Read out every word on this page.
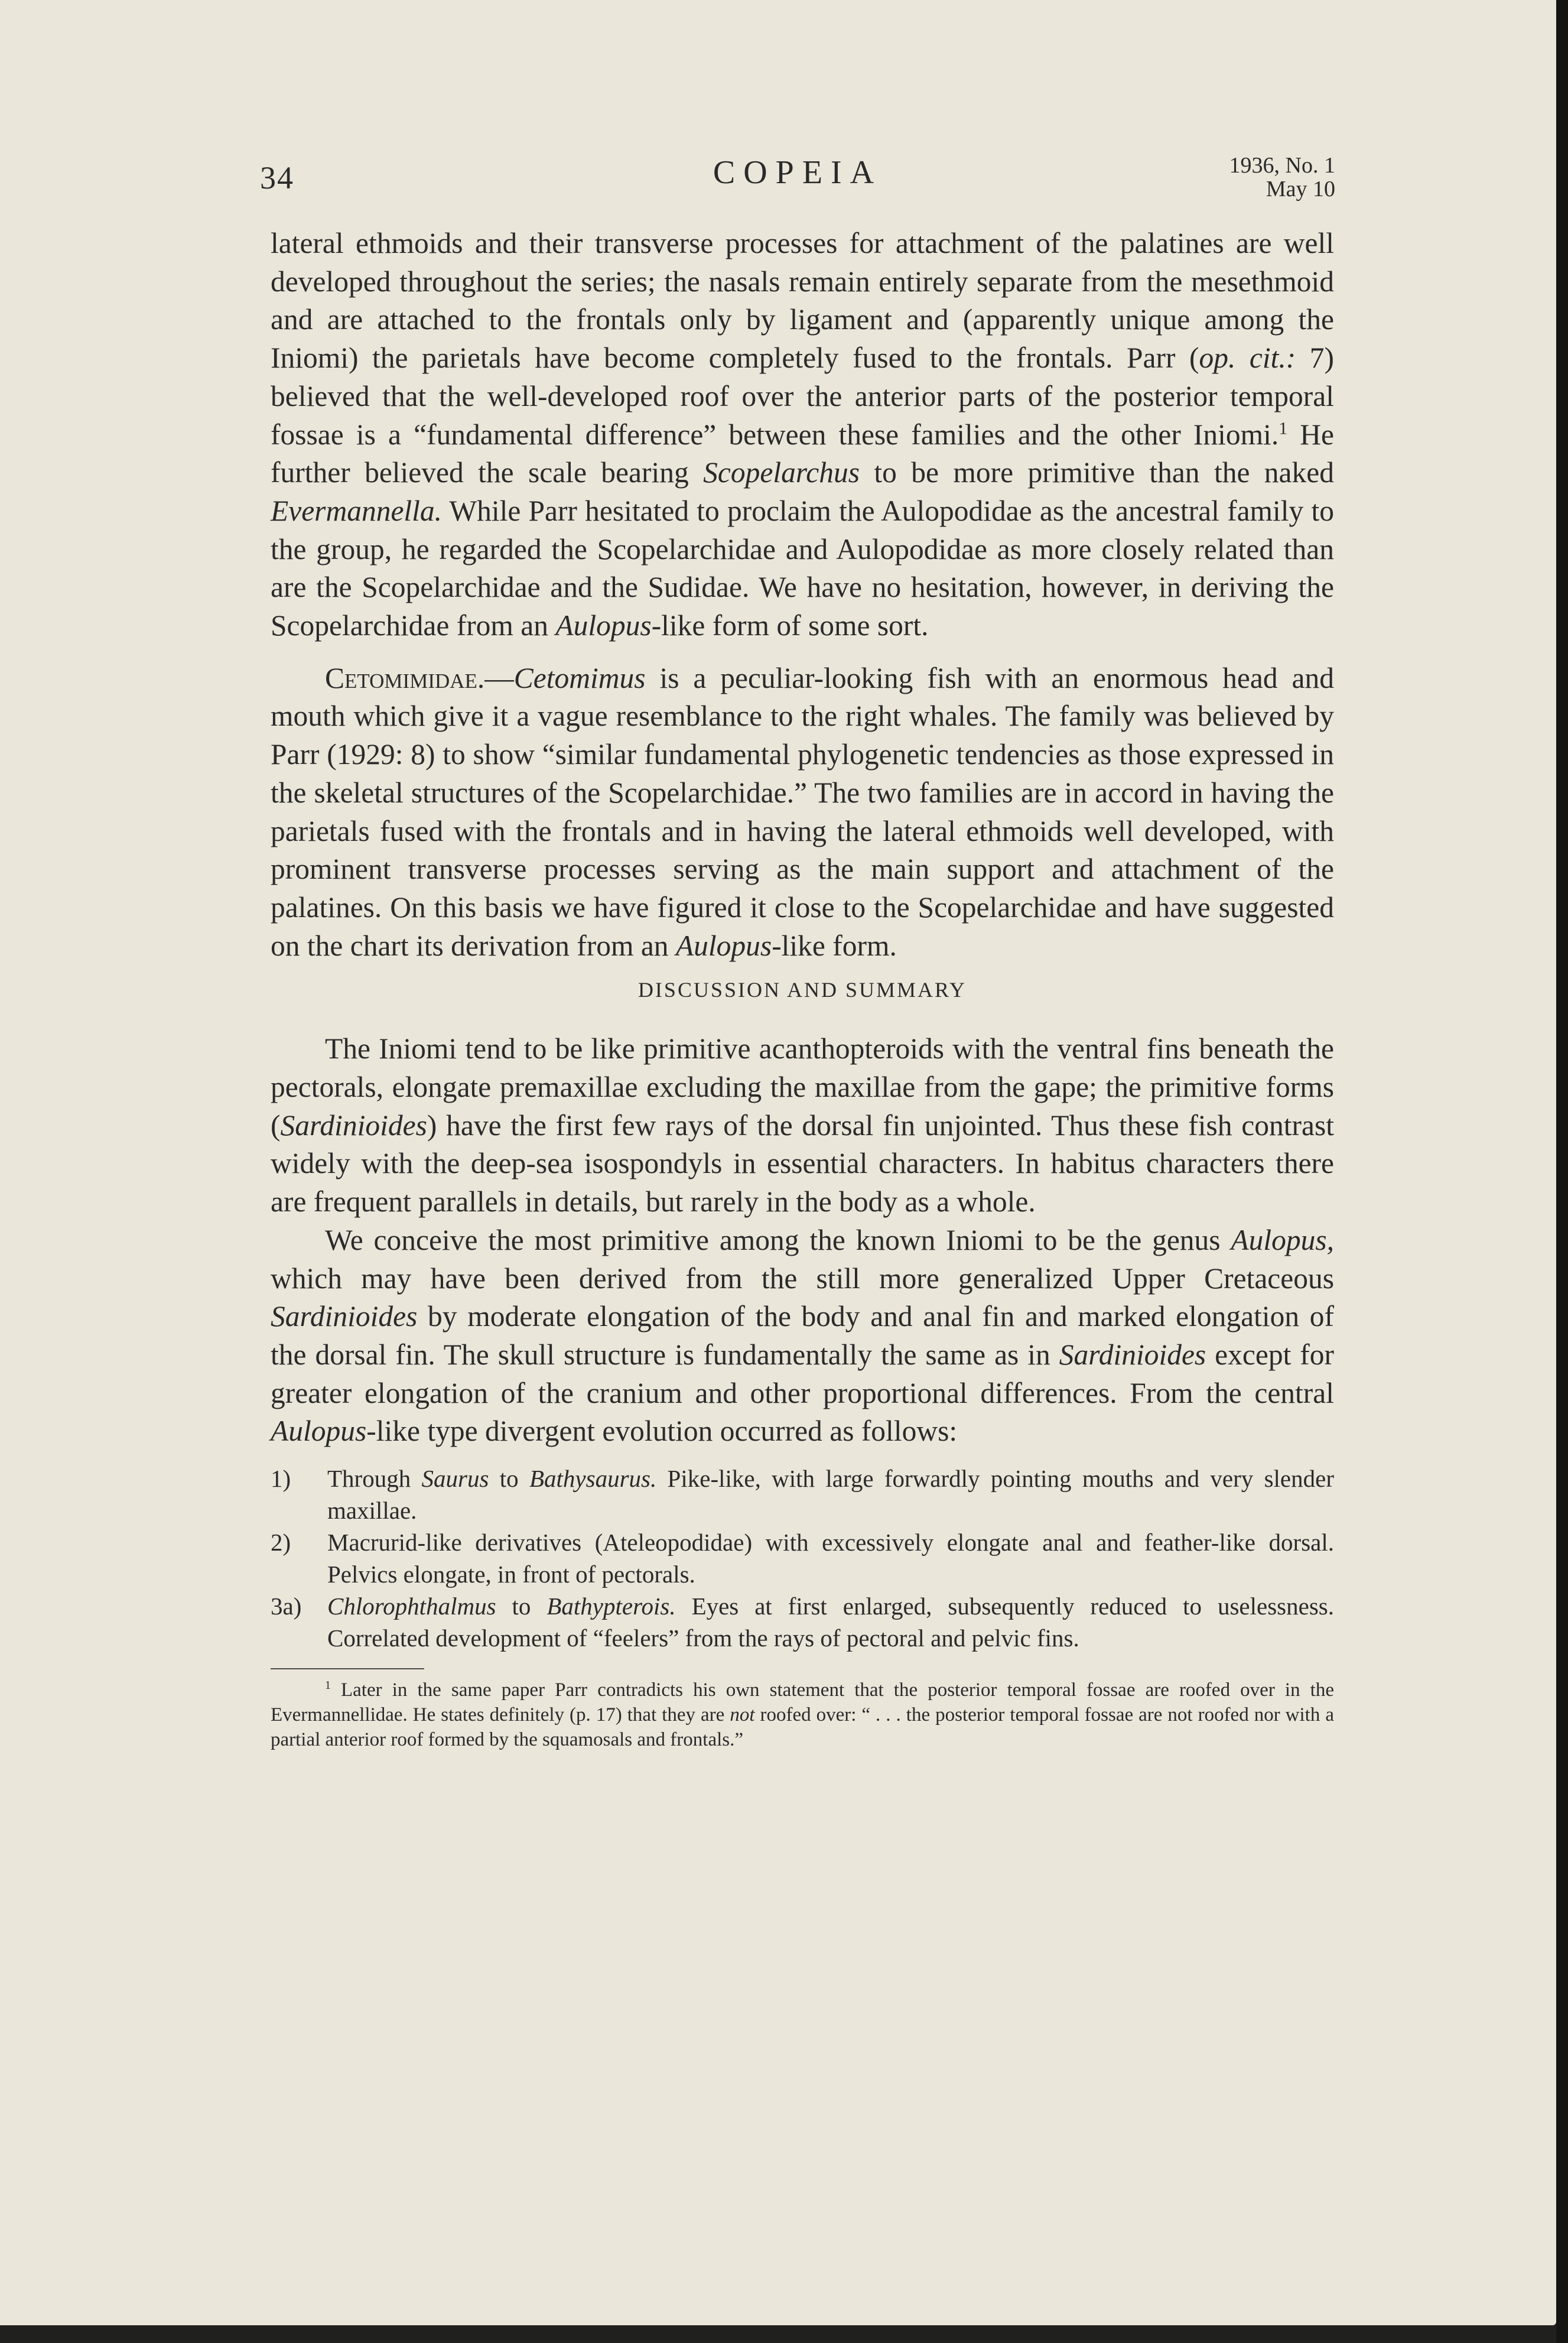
34	COPEIA	1936, No. 1
May 10

lateral ethmoids and their transverse processes for attachment of the palatines are well developed throughout the series; the nasals remain entirely separate from the mesethmoid and are attached to the frontals only by ligament and (apparently unique among the Iniomi) the parietals have become completely fused to the frontals. Parr (op. cit.: 7) believed that the well-developed roof over the anterior parts of the posterior temporal fossae is a “fundamental difference” between these families and the other Iniomi.$^1$ He further believed the scale bearing Scopelarchus to be more primitive than the naked Evermannella. While Parr hesitated to proclaim the Aulopodidae as the ancestral family to the group, he regarded the Scopelarchidae and Aulopodidae as more closely related than are the Scopelarchidae and the Sudidae. We have no hesitation, however, in deriving the Scopelarchidae from an Aulopus-like form of some sort.

Cetomimidae.—Cetomimus is a peculiar-looking fish with an enormous head and mouth which give it a vague resemblance to the right whales. The family was believed by Parr (1929: 8) to show “similar fundamental phylogenetic tendencies as those expressed in the skeletal structures of the Scopelarchidae.” The two families are in accord in having the parietals fused with the frontals and in having the lateral ethmoids well developed, with prominent transverse processes serving as the main support and attachment of the palatines. On this basis we have figured it close to the Scopelarchidae and have suggested on the chart its derivation from an Aulopus-like form.

DISCUSSION AND SUMMARY

The Iniomi tend to be like primitive acanthopteroids with the ventral fins beneath the pectorals, elongate premaxillae excluding the maxillae from the gape; the primitive forms (Sardinioides) have the first few rays of the dorsal fin unjointed. Thus these fish contrast widely with the deep-sea isospondyls in essential characters. In habitus characters there are frequent parallels in details, but rarely in the body as a whole.

We conceive the most primitive among the known Iniomi to be the genus Aulopus, which may have been derived from the still more generalized Upper Cretaceous Sardinioides by moderate elongation of the body and anal fin and marked elongation of the dorsal fin. The skull structure is fundamentally the same as in Sardinioides except for greater elongation of the cranium and other proportional differences. From the central Aulopus-like type divergent evolution occurred as follows:

1)	Through Saurus to Bathysaurus. Pike-like, with large forwardly pointing mouths and very slender maxillae.
2)	Macrurid-like derivatives (Ateleopodidae) with excessively elongate anal and feather-like dorsal. Pelvics elongate, in front of pectorals.
3a)	Chlorophthalmus to Bathypterois. Eyes at first enlarged, subsequently reduced to uselessness. Correlated development of “feelers” from the rays of pectoral and pelvic fins.

$^1$ Later in the same paper Parr contradicts his own statement that the posterior temporal fossae are roofed over in the Evermannellidae. He states definitely (p. 17) that they are not roofed over: “ . . . the posterior temporal fossae are not roofed nor with a partial anterior roof formed by the squamosals and frontals.”
